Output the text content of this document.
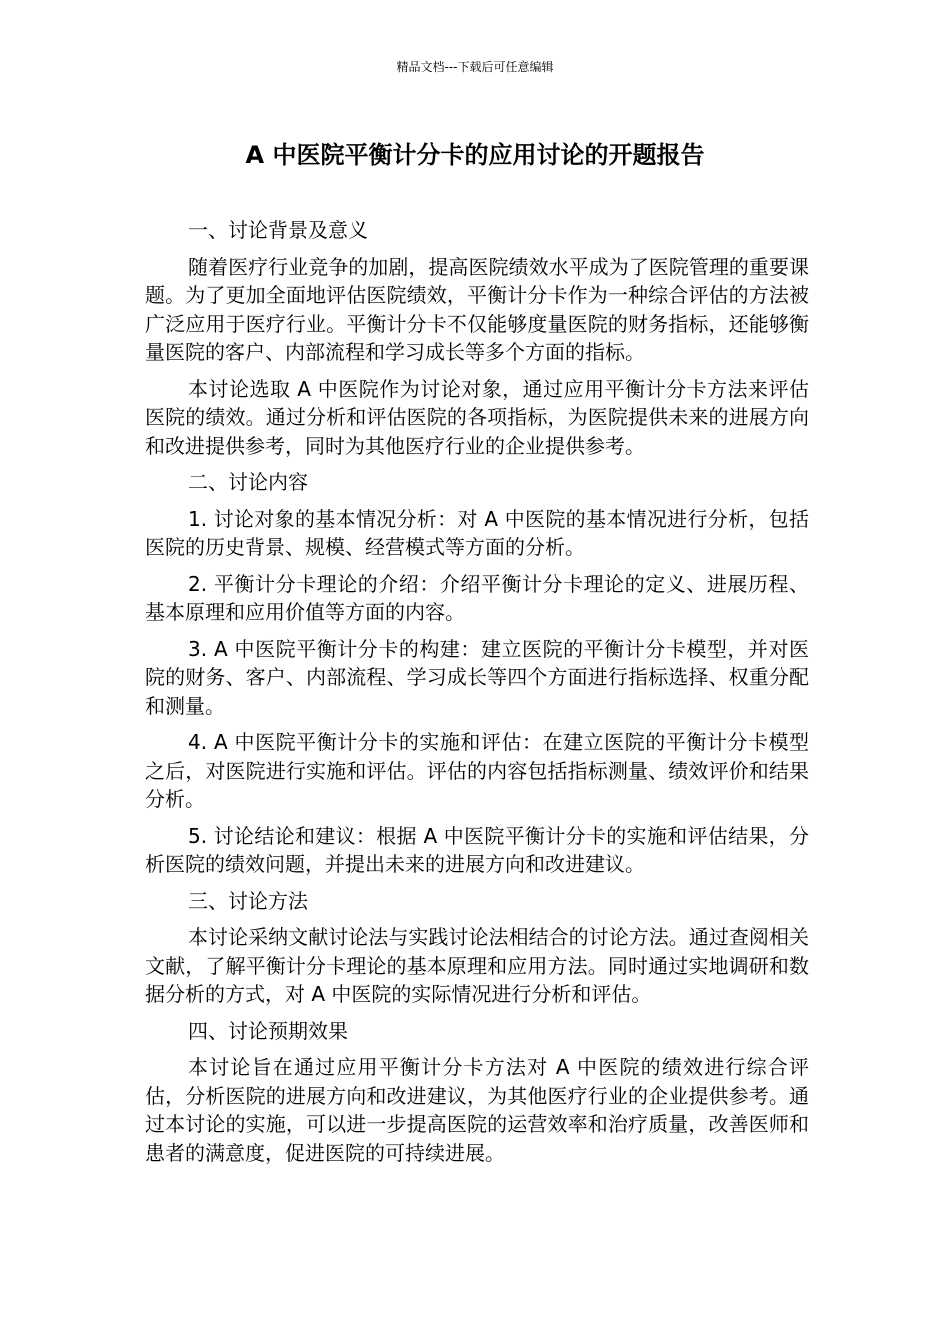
精品文档---下载后可任意编辑
A 中医院平衡计分卡的应用讨论的开题报告

一、讨论背景及意义

随着医疗行业竞争的加剧，提高医院绩效水平成为了医院管理的重要课题。为了更加全面地评估医院绩效，平衡计分卡作为一种综合评估的方法被广泛应用于医疗行业。平衡计分卡不仅能够度量医院的财务指标，还能够衡量医院的客户、内部流程和学习成长等多个方面的指标。

本讨论选取 A 中医院作为讨论对象，通过应用平衡计分卡方法来评估医院的绩效。通过分析和评估医院的各项指标，为医院提供未来的进展方向和改进提供参考，同时为其他医疗行业的企业提供参考。

二、讨论内容

1. 讨论对象的基本情况分析：对 A 中医院的基本情况进行分析，包括医院的历史背景、规模、经营模式等方面的分析。

2. 平衡计分卡理论的介绍：介绍平衡计分卡理论的定义、进展历程、基本原理和应用价值等方面的内容。

3. A 中医院平衡计分卡的构建：建立医院的平衡计分卡模型，并对医院的财务、客户、内部流程、学习成长等四个方面进行指标选择、权重分配和测量。

4. A 中医院平衡计分卡的实施和评估：在建立医院的平衡计分卡模型之后，对医院进行实施和评估。评估的内容包括指标测量、绩效评价和结果分析。

5. 讨论结论和建议：根据 A 中医院平衡计分卡的实施和评估结果，分析医院的绩效问题，并提出未来的进展方向和改进建议。

三、讨论方法

本讨论采纳文献讨论法与实践讨论法相结合的讨论方法。通过查阅相关文献，了解平衡计分卡理论的基本原理和应用方法。同时通过实地调研和数据分析的方式，对 A 中医院的实际情况进行分析和评估。

四、讨论预期效果

本讨论旨在通过应用平衡计分卡方法对 A 中医院的绩效进行综合评估，分析医院的进展方向和改进建议，为其他医疗行业的企业提供参考。通过本讨论的实施，可以进一步提高医院的运营效率和治疗质量，改善医师和患者的满意度，促进医院的可持续进展。
